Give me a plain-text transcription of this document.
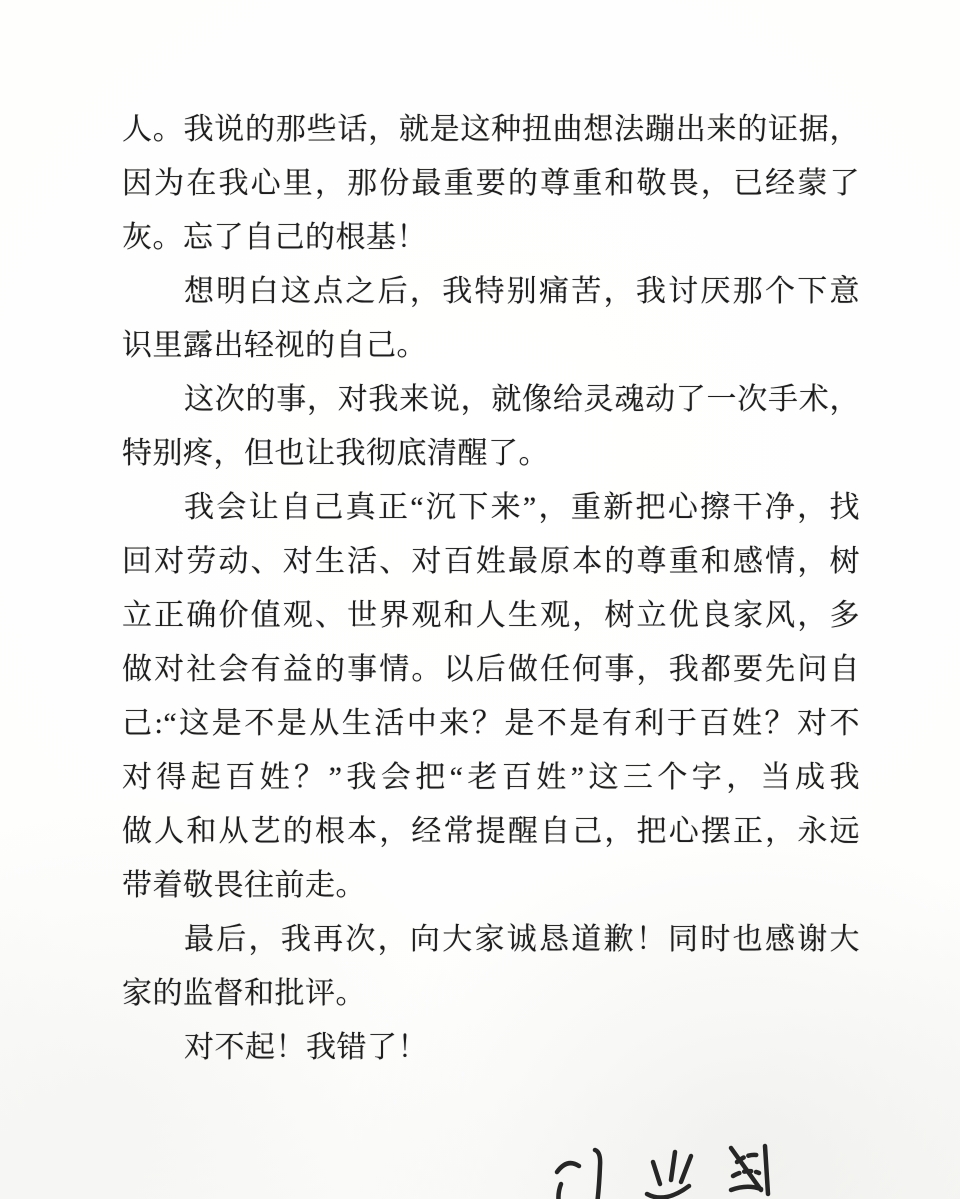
人。我说的那些话，就是这种扭曲想法蹦出来的证据，
因为在我心里，那份最重要的尊重和敬畏，已经蒙了
灰。忘了自己的根基！
想明白这点之后，我特别痛苦，我讨厌那个下意
识里露出轻视的自己。
这次的事，对我来说，就像给灵魂动了一次手术，
特别疼，但也让我彻底清醒了。
我会让自己真正“沉下来”，重新把心擦干净，找
回对劳动、对生活、对百姓最原本的尊重和感情，树
立正确价值观、世界观和人生观，树立优良家风，多
做对社会有益的事情。以后做任何事，我都要先问自
己:“这是不是从生活中来？是不是有利于百姓？对不
对得起百姓？”我会把“老百姓”这三个字，当成我
做人和从艺的根本，经常提醒自己，把心摆正，永远
带着敬畏往前走。
最后，我再次，向大家诚恳道歉！同时也感谢大
家的监督和批评。
对不起！我错了！
